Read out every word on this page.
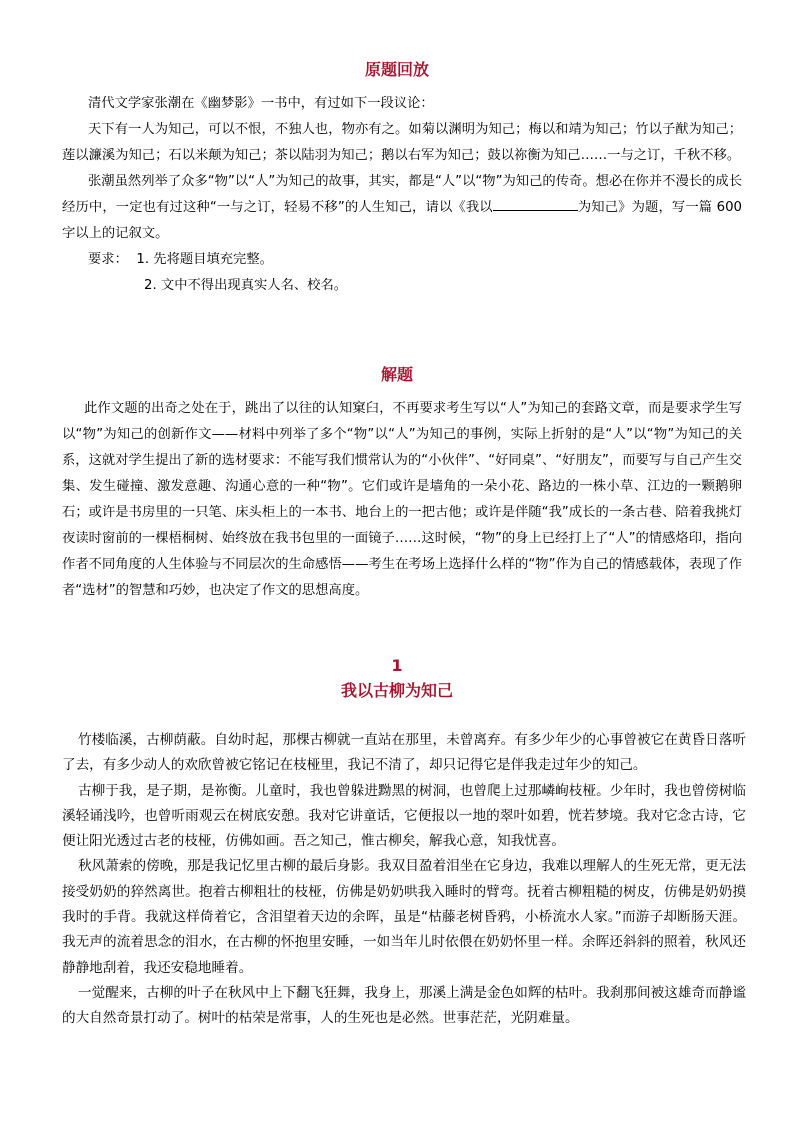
原题回放

清代文学家张潮在《幽梦影》一书中，有过如下一段议论：

天下有一人为知己，可以不恨，不独人也，物亦有之。如菊以渊明为知己；梅以和靖为知己；竹以子猷为知己；莲以濂溪为知己；石以米颠为知己；茶以陆羽为知己；鹅以右军为知己；鼓以祢衡为知己……一与之订，千秋不移。

张潮虽然列举了众多“物”以“人”为知己的故事，其实，都是“人”以“物”为知己的传奇。想必在你并不漫长的成长经历中，一定也有过这种“一与之订，轻易不移”的人生知己，请以《我以	为知己》为题，写一篇 600 字以上的记叙文。

要求： 1. 先将题目填充完整。

2. 文中不得出现真实人名、校名。

解题

此作文题的出奇之处在于，跳出了以往的认知窠臼，不再要求考生写以“人”为知己的套路文章，而是要求学生写以“物”为知己的创新作文——材料中列举了多个“物”以“人”为知己的事例，实际上折射的是“人”以“物”为知己的关系，这就对学生提出了新的选材要求：不能写我们惯常认为的“小伙伴”、“好同桌”、“好朋友”，而要写与自己产生交集、发生碰撞、激发意趣、沟通心意的一种“物”。它们或许是墙角的一朵小花、路边的一株小草、江边的一颗鹅卵石；或许是书房里的一只笔、床头柜上的一本书、地台上的一把古他；或许是伴随“我”成长的一条古巷、陪着我挑灯夜读时窗前的一棵梧桐树、始终放在我书包里的一面镜子……这时候，“物”的身上已经打上了“人”的情感烙印，指向作者不同角度的人生体验与不同层次的生命感悟——考生在考场上选择什么样的“物”作为自己的情感载体，表现了作者“选材”的智慧和巧妙，也决定了作文的思想高度。

1
我以古柳为知己

竹楼临溪，古柳荫蔽。自幼时起，那棵古柳就一直站在那里，未曾离弃。有多少年少的心事曾被它在黄昏日落听了去，有多少动人的欢欣曾被它铭记在枝桠里，我记不清了，却只记得它是伴我走过年少的知己。

古柳于我，是子期，是祢衡。儿童时，我也曾躲进黝黑的树洞，也曾爬上过那嶙峋枝桠。少年时，我也曾傍树临溪轻诵浅吟，也曾听雨观云在树底安憩。我对它讲童话，它便报以一地的翠叶如碧，恍若梦境。我对它念古诗，它便让阳光透过古老的枝桠，仿佛如画。吾之知己，惟古柳矣，解我心意，知我忧喜。

秋风萧索的傍晚，那是我记忆里古柳的最后身影。我双目盈着泪坐在它身边，我难以理解人的生死无常，更无法接受奶奶的猝然离世。抱着古柳粗壮的枝桠，仿佛是奶奶哄我入睡时的臂弯。抚着古柳粗糙的树皮，仿佛是奶奶摸我时的手背。我就这样倚着它，含泪望着天边的余晖，虽是“枯藤老树昏鸦，小桥流水人家。”而游子却断肠天涯。我无声的流着思念的泪水，在古柳的怀抱里安睡，一如当年儿时依偎在奶奶怀里一样。余晖还斜斜的照着，秋风还静静地刮着，我还安稳地睡着。

一觉醒来，古柳的叶子在秋风中上下翻飞狂舞，我身上，那溪上满是金色如辉的枯叶。我刹那间被这雄奇而静谧的大自然奇景打动了。树叶的枯荣是常事，人的生死也是必然。世事茫茫，光阴难量。
